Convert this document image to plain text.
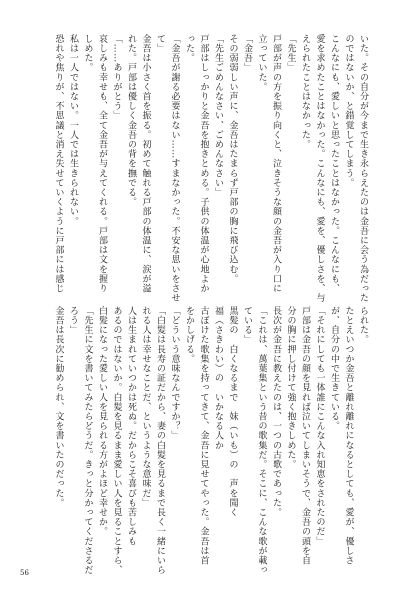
いた。その自分が今まで生き永らえたのは金吾に会う為だった
のではないか、と錯覚してしまう。
こんなにも、愛しいと思ったことはなかった。こんなにも、
愛を求めたことはなかった。こんなにも、愛を、優しさを、与
えられたことはなかった。
「先生」
戸部が声の方を振り向くと、泣きそうな顔の金吾が入り口に
立っていた。
「金吾」
その弱弱しい声に、金吾はたまらず戸部の胸に飛び込む。
「先生ごめんなさい、ごめんなさい」
戸部はしっかりと金吾を抱きとめる。子供の体温が心地よか
った。
「金吾が謝る必要はない……すまなかった。不安な思いをさせ
て」
金吾は小さく首を振る。初めて触れる戸部の体温に、涙が溢
れた。戸部は優しく金吾の背を撫でる。
「……ありがとう」
哀しみも幸せも、全て金吾が与えてくれる。戸部は文を握り
しめた。
私は一人ではない。一人では生きられない。
恐れや焦りが、不思議と消え失せていくように戸部には感じ
られた。
たとえいつか金吾と離れ離れになるとしても、愛が、優しさ
が、自分の中で生きている。
「それにしても一体誰にこんな入れ知恵をされたのだ」
戸部は金吾の顔を見れば泣いてしまいそうで、金吾の頭を自
分の胸に押し付けて強く抱きしめた。
長次が金吾に教えたのは、一つの古歌であった。
「これは、萬葉集という昔の歌集だ。そこに、こんな歌が載っ
ている」
黒髪の　白くなるまで　妹（いも）の　声を聞く
福（さきわい）の　いかなる人か
古ぼけた歌集を持ってきて、金吾に見せてやった。金吾は首
をかしげる。
「どういう意味なんですか？」
「白髪は長寿の証だから、妻の白髪を見るまで長く一緒にいら
れる人は幸せなことだ、というような意味だ」
人は生まれていつかは死ぬ。だからこそ喜びも苦しみも
あるのではないか。白髪を見るまま愛しい人を見ることすら、
白髪になった愛しい人を見られる方がよほど幸せか。
「先生に文を書いてみたらどうだ。きっと分かってくださるだ
ろう」
金吾は長次に勧められ、文を書いたのだった。
56
